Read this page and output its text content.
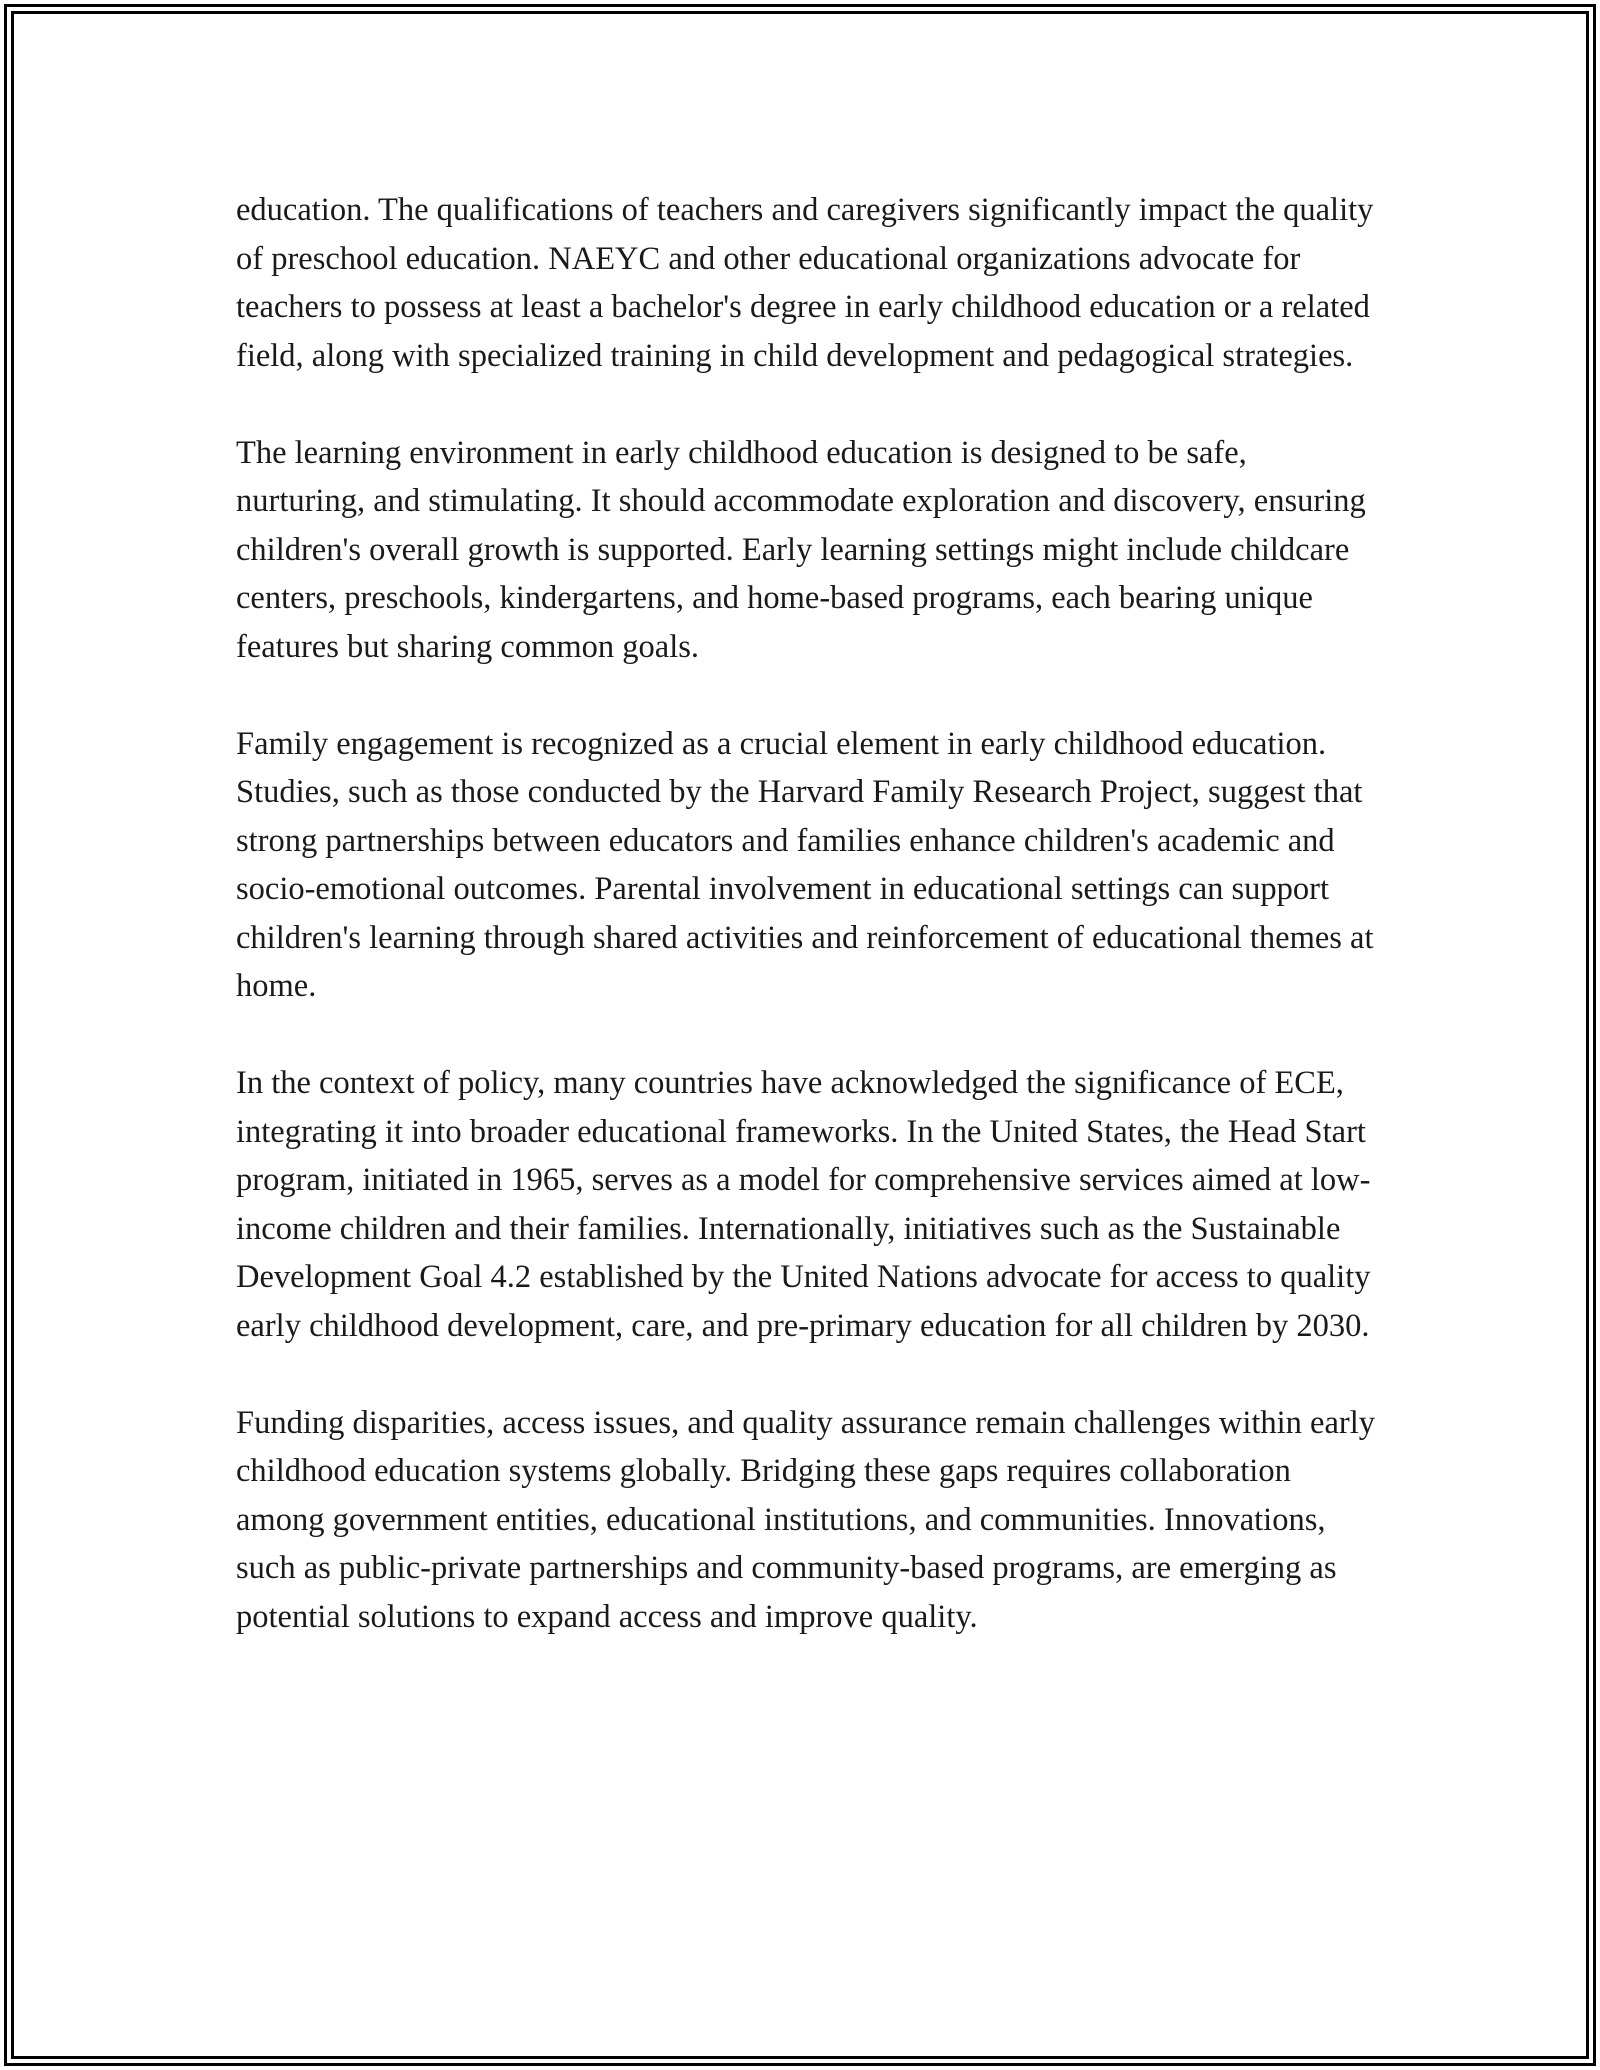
education. The qualifications of teachers and caregivers significantly impact the quality of preschool education. NAEYC and other educational organizations advocate for teachers to possess at least a bachelor's degree in early childhood education or a related field, along with specialized training in child development and pedagogical strategies.

The learning environment in early childhood education is designed to be safe, nurturing, and stimulating. It should accommodate exploration and discovery, ensuring children's overall growth is supported. Early learning settings might include childcare centers, preschools, kindergartens, and home-based programs, each bearing unique features but sharing common goals.

Family engagement is recognized as a crucial element in early childhood education. Studies, such as those conducted by the Harvard Family Research Project, suggest that strong partnerships between educators and families enhance children's academic and socio-emotional outcomes. Parental involvement in educational settings can support children's learning through shared activities and reinforcement of educational themes at home.

In the context of policy, many countries have acknowledged the significance of ECE, integrating it into broader educational frameworks. In the United States, the Head Start program, initiated in 1965, serves as a model for comprehensive services aimed at low-income children and their families. Internationally, initiatives such as the Sustainable Development Goal 4.2 established by the United Nations advocate for access to quality early childhood development, care, and pre-primary education for all children by 2030.

Funding disparities, access issues, and quality assurance remain challenges within early childhood education systems globally. Bridging these gaps requires collaboration among government entities, educational institutions, and communities. Innovations, such as public-private partnerships and community-based programs, are emerging as potential solutions to expand access and improve quality.
